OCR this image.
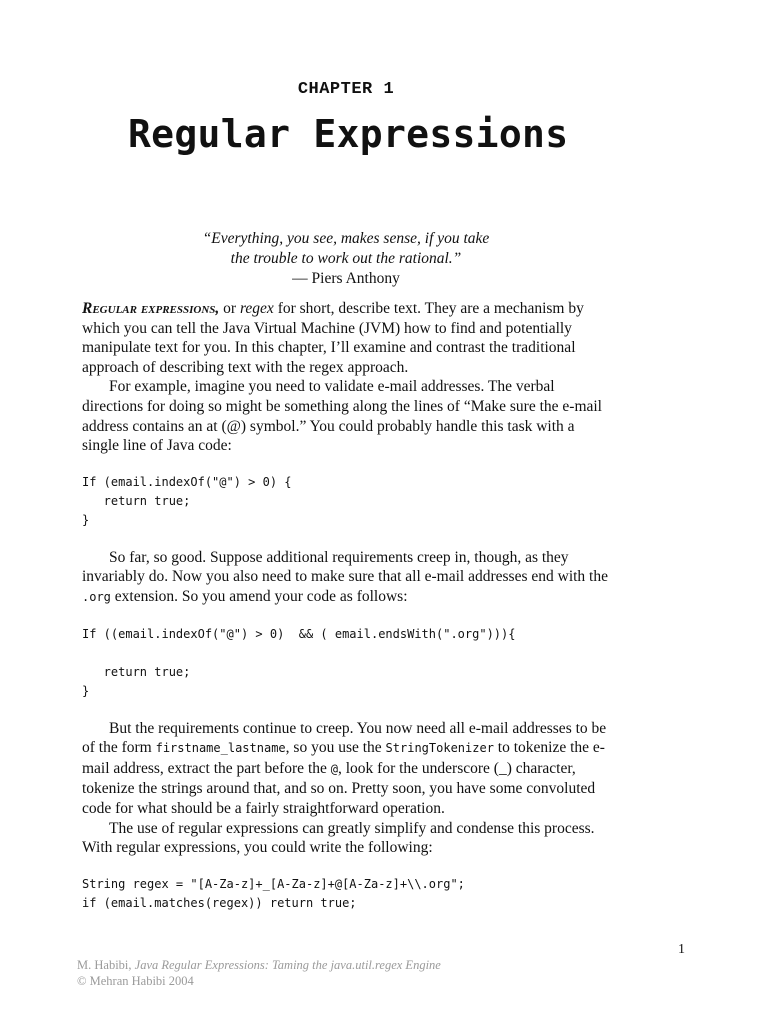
CHAPTER 1
Regular Expressions
“Everything, you see, makes sense, if you take
the trouble to work out the rational.”
— Piers Anthony

Regular expressions, or regex for short, describe text. They are a mechanism by which you can tell the Java Virtual Machine (JVM) how to find and potentially manipulate text for you. In this chapter, I’ll examine and contrast the traditional approach of describing text with the regex approach.

For example, imagine you need to validate e-mail addresses. The verbal directions for doing so might be something along the lines of “Make sure the e-mail address contains an at (@) symbol.” You could probably handle this task with a single line of Java code:

If (email.indexOf("@") > 0) {
return true;
}

So far, so good. Suppose additional requirements creep in, though, as they invariably do. Now you also need to make sure that all e-mail addresses end with the .org extension. So you amend your code as follows:

If ((email.indexOf("@") > 0)  && ( email.endsWith(".org"))){

return true;
}

But the requirements continue to creep. You now need all e-mail addresses to be of the form firstname_lastname, so you use the StringTokenizer to tokenize the e-mail address, extract the part before the @, look for the underscore (_) character, tokenize the strings around that, and so on. Pretty soon, you have some convoluted code for what should be a fairly straightforward operation.

The use of regular expressions can greatly simplify and condense this process. With regular expressions, you could write the following:

String regex = "[A-Za-z]+_[A-Za-z]+@[A-Za-z]+\\.org";
if (email.matches(regex)) return true;
1
M. Habibi, Java Regular Expressions: Taming the java.util.regex Engine
© Mehran Habibi 2004
